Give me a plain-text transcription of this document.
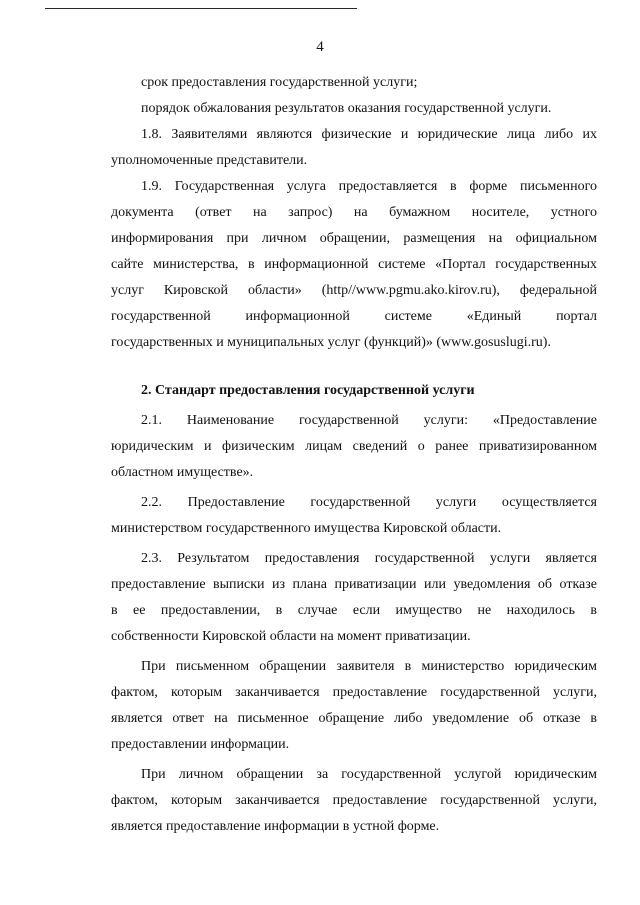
4
срок предоставления государственной услуги;
порядок обжалования результатов оказания государственной услуги.
1.8. Заявителями являются физические и юридические лица либо их
уполномоченные представители.
1.9. Государственная услуга предоставляется в форме письменного
документа (ответ на запрос) на бумажном носителе, устного
информирования при личном обращении, размещения на официальном
сайте министерства, в информационной системе «Портал государственных
услуг Кировской области» (http//www.pgmu.ako.kirov.ru), федеральной
государственной информационной системе «Единый портал
государственных и муниципальных услуг (функций)» (www.gosuslugi.ru).
2. Стандарт предоставления государственной услуги
2.1. Наименование государственной услуги: «Предоставление
юридическим и физическим лицам сведений о ранее приватизированном
областном имуществе».
2.2. Предоставление государственной услуги осуществляется
министерством государственного имущества Кировской области.
2.3. Результатом предоставления государственной услуги является
предоставление выписки из плана приватизации или уведомления об отказе
в ее предоставлении, в случае если имущество не находилось в
собственности Кировской области на момент приватизации.
При письменном обращении заявителя в министерство юридическим
фактом, которым заканчивается предоставление государственной услуги,
является ответ на письменное обращение либо уведомление об отказе в
предоставлении информации.
При личном обращении за государственной услугой юридическим
фактом, которым заканчивается предоставление государственной услуги,
является предоставление информации в устной форме.
